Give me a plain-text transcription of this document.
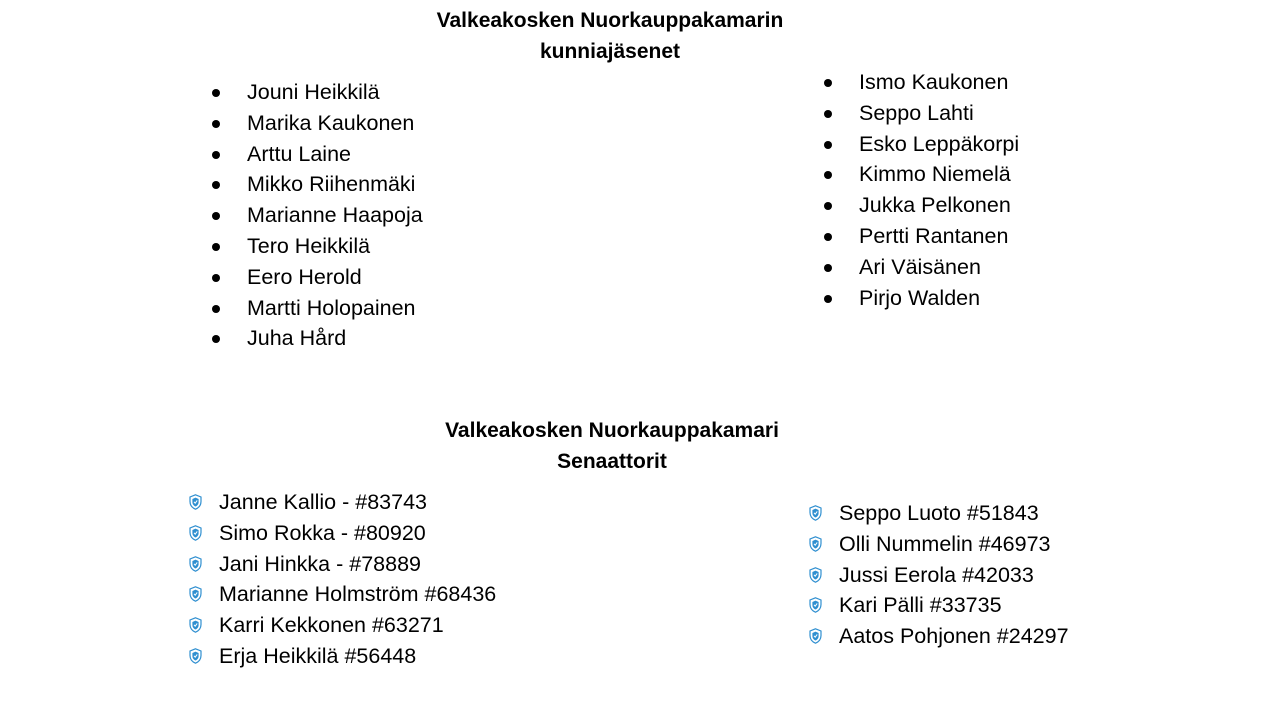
Valkeakosken Nuorkauppakamarin
kunniajäsenet
Jouni Heikkilä
Marika Kaukonen
Arttu Laine
Mikko Riihenmäki
Marianne Haapoja
Tero Heikkilä
Eero Herold
Martti Holopainen
Juha Hård
Ismo Kaukonen
Seppo Lahti
Esko Leppäkorpi
Kimmo Niemelä
Jukka Pelkonen
Pertti Rantanen
Ari Väisänen
Pirjo Walden
Valkeakosken Nuorkauppakamari
Senaattorit
Janne Kallio - #83743
Simo Rokka - #80920
Jani Hinkka - #78889
Marianne Holmström #68436
Karri Kekkonen #63271
Erja Heikkilä #56448
Seppo Luoto #51843
Olli Nummelin #46973
Jussi Eerola #42033
Kari Pälli #33735
Aatos Pohjonen #24297
